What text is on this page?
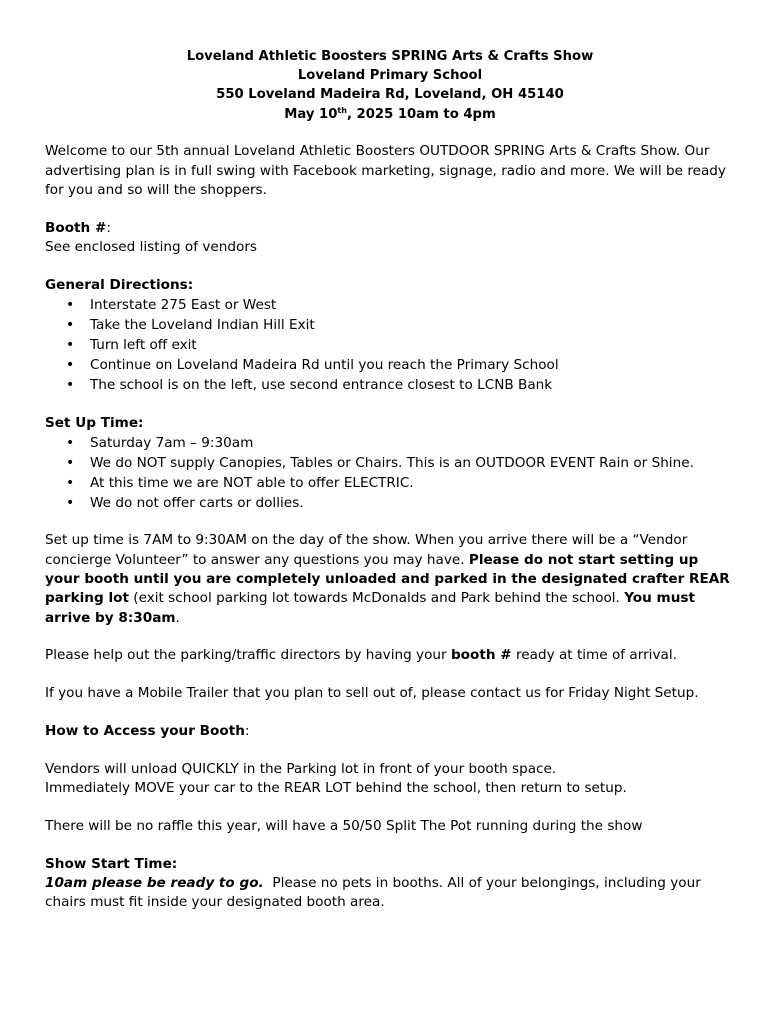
Loveland Athletic Boosters SPRING Arts & Crafts Show
Loveland Primary School
550 Loveland Madeira Rd, Loveland, OH 45140
May 10th, 2025 10am to 4pm

Welcome to our 5th annual Loveland Athletic Boosters OUTDOOR SPRING Arts & Crafts Show. Our advertising plan is in full swing with Facebook marketing, signage, radio and more. We will be ready for you and so will the shoppers.

Booth #:

See enclosed listing of vendors

General Directions:

• Interstate 275 East or West
• Take the Loveland Indian Hill Exit
• Turn left off exit
• Continue on Loveland Madeira Rd until you reach the Primary School
• The school is on the left, use second entrance closest to LCNB Bank

Set Up Time:

• Saturday 7am – 9:30am
• We do NOT supply Canopies, Tables or Chairs. This is an OUTDOOR EVENT Rain or Shine.
• At this time we are NOT able to offer ELECTRIC.
• We do not offer carts or dollies.

Set up time is 7AM to 9:30AM on the day of the show. When you arrive there will be a “Vendor concierge Volunteer” to answer any questions you may have. Please do not start setting up your booth until you are completely unloaded and parked in the designated crafter REAR parking lot (exit school parking lot towards McDonalds and Park behind the school. You must arrive by 8:30am.

Please help out the parking/traffic directors by having your booth # ready at time of arrival.

If you have a Mobile Trailer that you plan to sell out of, please contact us for Friday Night Setup.

How to Access your Booth:

Vendors will unload QUICKLY in the Parking lot in front of your booth space.

Immediately MOVE your car to the REAR LOT behind the school, then return to setup.

There will be no raffle this year, will have a 50/50 Split The Pot running during the show

Show Start Time:

10am please be ready to go.  Please no pets in booths. All of your belongings, including your chairs must fit inside your designated booth area.
